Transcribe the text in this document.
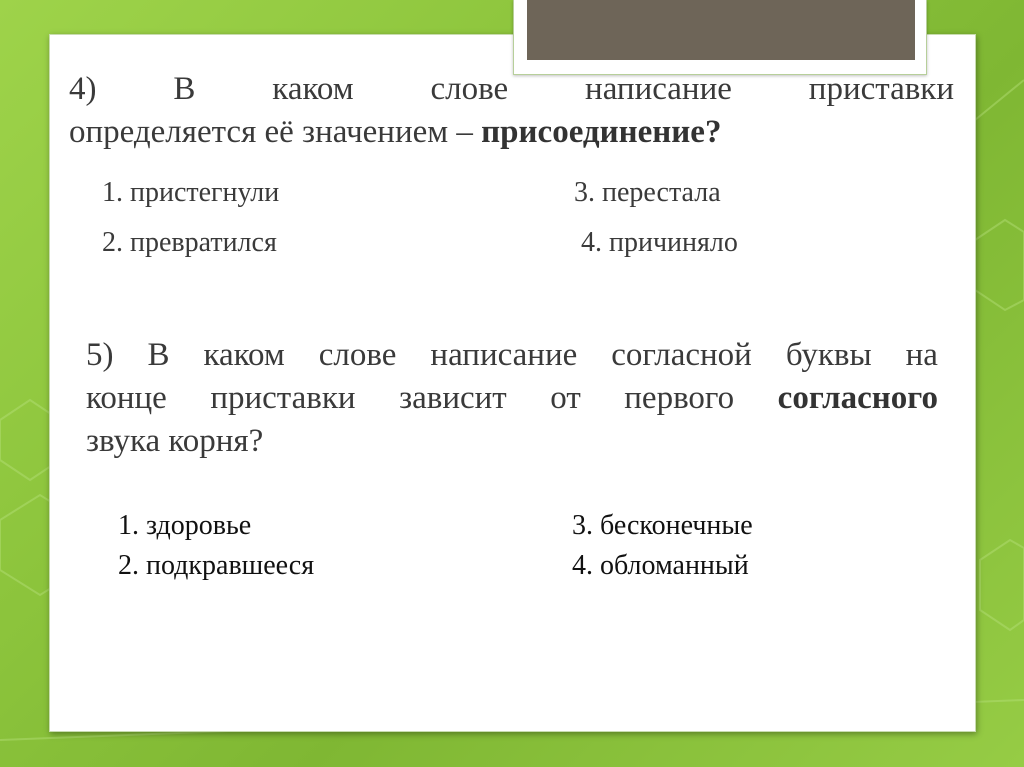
4) В каком слове написание приставки
определяется её значением – присоединение?
1. пристегнули
2. превратился
3. перестала
4. причиняло
5) В каком слове написание согласной буквы на
конце приставки зависит от первого согласного
звука корня?
1. здоровье
2. подкравшееся
3. бесконечные
4. обломанный
